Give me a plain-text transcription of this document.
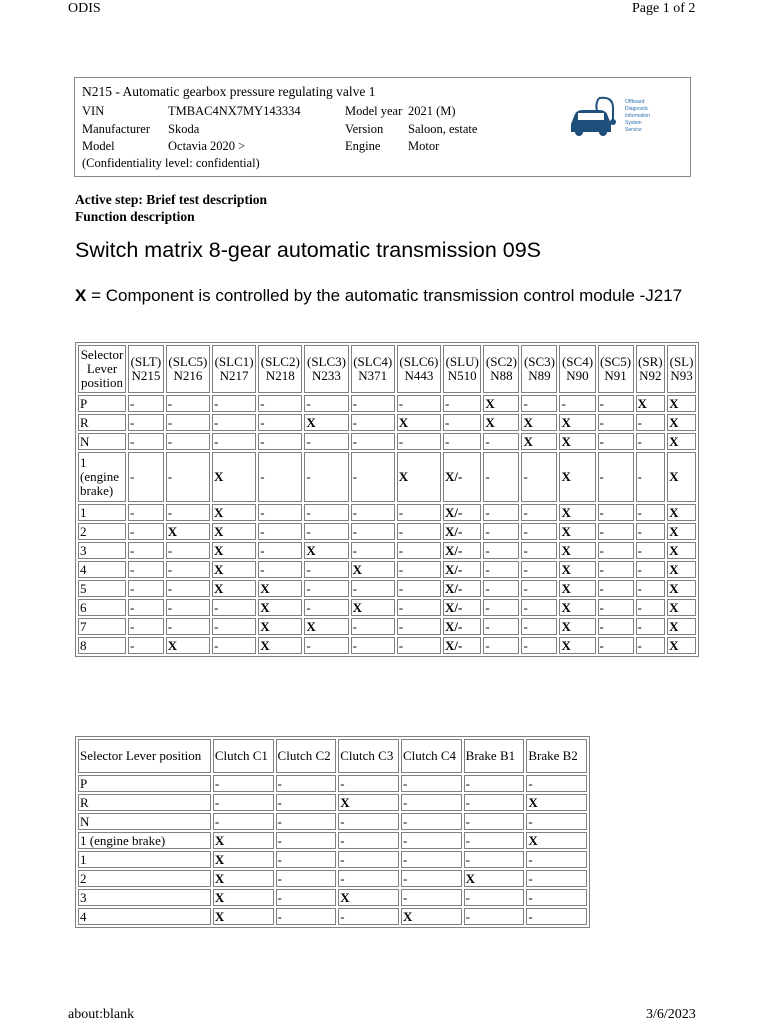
ODIS	Page 1 of 2
N215 - Automatic gearbox pressure regulating valve 1
VIN	TMBAC4NX7MY143334
Manufacturer Skoda
Model	Octavia 2020 >
(Confidentiality level: confidential)
Model year 2021 (M)
Version Saloon, estate
Engine Motor
Offboard
Diagnostic
Information
System
Service
Active step: Brief test description
Function description
Switch matrix 8-gear automatic transmission 09S
X = Component is controlled by the automatic transmission control module -J217
Selector Lever position	(SLT) N215	(SLC5) N216	(SLC1) N217	(SLC2) N218	(SLC3) N233	(SLC4) N371	(SLC6) N443	(SLU) N510	(SC2) N88	(SC3) N89	(SC4) N90	(SC5) N91	(SR) N92	(SL) N93
P	-	-	-	-	-	-	-	-	X	-	-	-	X	X
R	-	-	-	-	X	-	X	-	X	X	X	-	-	X
N	-	-	-	-	-	-	-	-	-	X	X	-	-	X
1 (engine brake)	-	-	X	-	-	-	X	X/-	-	-	X	-	-	X
1	-	-	X	-	-	-	-	X/-	-	-	X	-	-	X
2	-	X	X	-	-	-	-	X/-	-	-	X	-	-	X
3	-	-	X	-	X	-	-	X/-	-	-	X	-	-	X
4	-	-	X	-	-	X	-	X/-	-	-	X	-	-	X
5	-	-	X	X	-	-	-	X/-	-	-	X	-	-	X
6	-	-	-	X	-	X	-	X/-	-	-	X	-	-	X
7	-	-	-	X	X	-	-	X/-	-	-	X	-	-	X
8	-	X	-	X	-	-	-	X/-	-	-	X	-	-	X
Selector Lever position	Clutch C1	Clutch C2	Clutch C3	Clutch C4	Brake B1	Brake B2
P	-	-	-	-	-	-
R	-	-	X	-	-	X
N	-	-	-	-	-	-
1 (engine brake)	X	-	-	-	-	X
1	X	-	-	-	-	-
2	X	-	-	-	X	-
3	X	-	X	-	-	-
4	X	-	-	X	-	-
about:blank	3/6/2023
